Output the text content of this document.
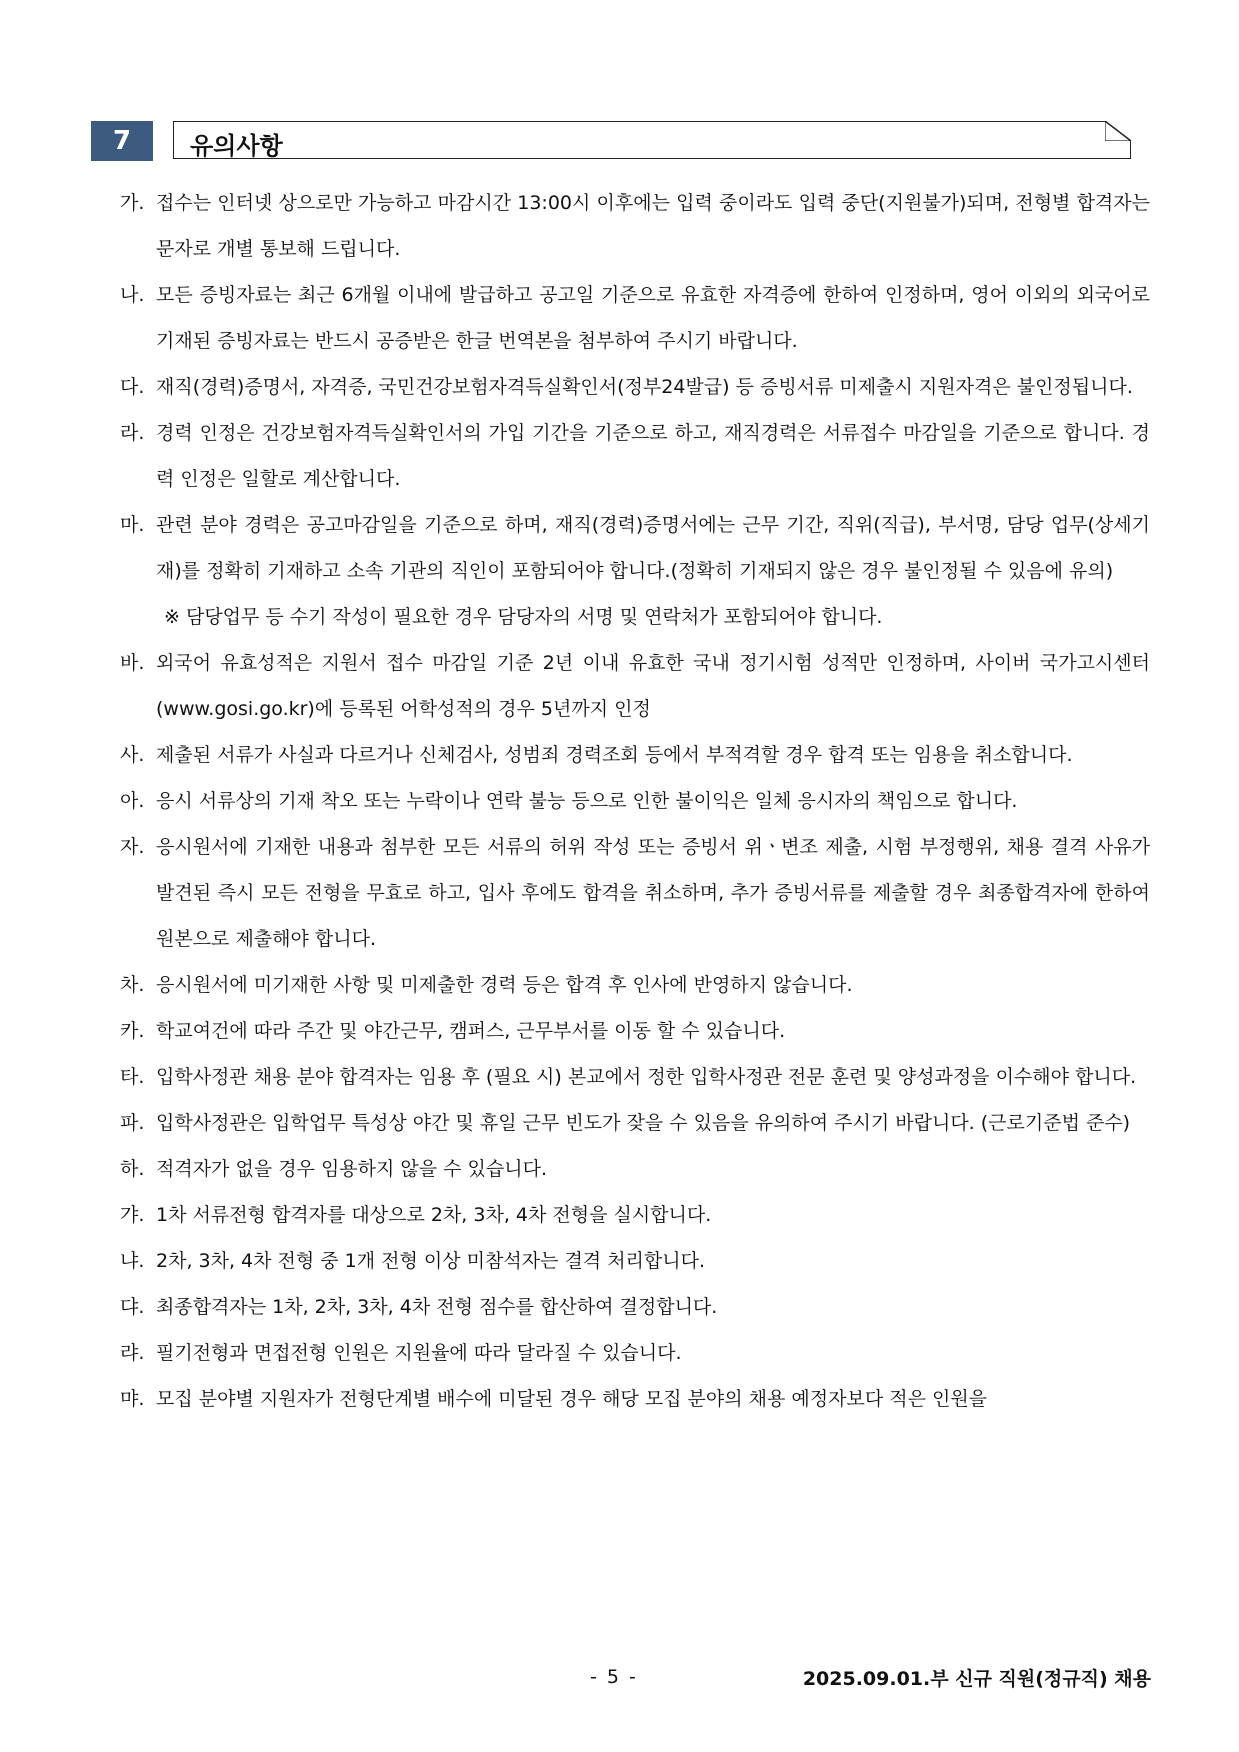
7	유의사항
가. 접수는 인터넷 상으로만 가능하고 마감시간 13:00시 이후에는 입력 중이라도 입력 중단(지원불가)되며, 전형별 합격자는 문자로 개별 통보해 드립니다.
나. 모든 증빙자료는 최근 6개월 이내에 발급하고 공고일 기준으로 유효한 자격증에 한하여 인정하며, 영어 이외의 외국어로 기재된 증빙자료는 반드시 공증받은 한글 번역본을 첨부하여 주시기 바랍니다.
다. 재직(경력)증명서, 자격증, 국민건강보험자격득실확인서(정부24발급) 등 증빙서류 미제출시 지원자격은 불인정됩니다.
라. 경력 인정은 건강보험자격득실확인서의 가입 기간을 기준으로 하고, 재직경력은 서류접수 마감일을 기준으로 합니다. 경력 인정은 일할로 계산합니다.
마. 관련 분야 경력은 공고마감일을 기준으로 하며, 재직(경력)증명서에는 근무 기간, 직위(직급), 부서명, 담당 업무(상세기재)를 정확히 기재하고 소속 기관의 직인이 포함되어야 합니다.(정확히 기재되지 않은 경우 불인정될 수 있음에 유의)
※ 담당업무 등 수기 작성이 필요한 경우 담당자의 서명 및 연락처가 포함되어야 합니다.
바. 외국어 유효성적은 지원서 접수 마감일 기준 2년 이내 유효한 국내 정기시험 성적만 인정하며, 사이버 국가고시센터(www.gosi.go.kr)에 등록된 어학성적의 경우 5년까지 인정
사. 제출된 서류가 사실과 다르거나 신체검사, 성범죄 경력조회 등에서 부적격할 경우 합격 또는 임용을 취소합니다.
아. 응시 서류상의 기재 착오 또는 누락이나 연락 불능 등으로 인한 불이익은 일체 응시자의 책임으로 합니다.
자. 응시원서에 기재한 내용과 첨부한 모든 서류의 허위 작성 또는 증빙서 위ㆍ변조 제출, 시험 부정행위, 채용 결격 사유가 발견된 즉시 모든 전형을 무효로 하고, 입사 후에도 합격을 취소하며, 추가 증빙서류를 제출할 경우 최종합격자에 한하여 원본으로 제출해야 합니다.
차. 응시원서에 미기재한 사항 및 미제출한 경력 등은 합격 후 인사에 반영하지 않습니다.
카. 학교여건에 따라 주간 및 야간근무, 캠퍼스, 근무부서를 이동 할 수 있습니다.
타. 입학사정관 채용 분야 합격자는 임용 후 (필요 시) 본교에서 정한 입학사정관 전문 훈련 및 양성과정을 이수해야 합니다.
파. 입학사정관은 입학업무 특성상 야간 및 휴일 근무 빈도가 잦을 수 있음을 유의하여 주시기 바랍니다. (근로기준법 준수)
하. 적격자가 없을 경우 임용하지 않을 수 있습니다.
갸. 1차 서류전형 합격자를 대상으로 2차, 3차, 4차 전형을 실시합니다.
냐. 2차, 3차, 4차 전형 중 1개 전형 이상 미참석자는 결격 처리합니다.
댜. 최종합격자는 1차, 2차, 3차, 4차 전형 점수를 합산하여 결정합니다.
랴. 필기전형과 면접전형 인원은 지원율에 따라 달라질 수 있습니다.
먀. 모집 분야별 지원자가 전형단계별 배수에 미달된 경우 해당 모집 분야의 채용 예정자보다 적은 인원을
- 5 -	2025.09.01.부 신규 직원(정규직) 채용
